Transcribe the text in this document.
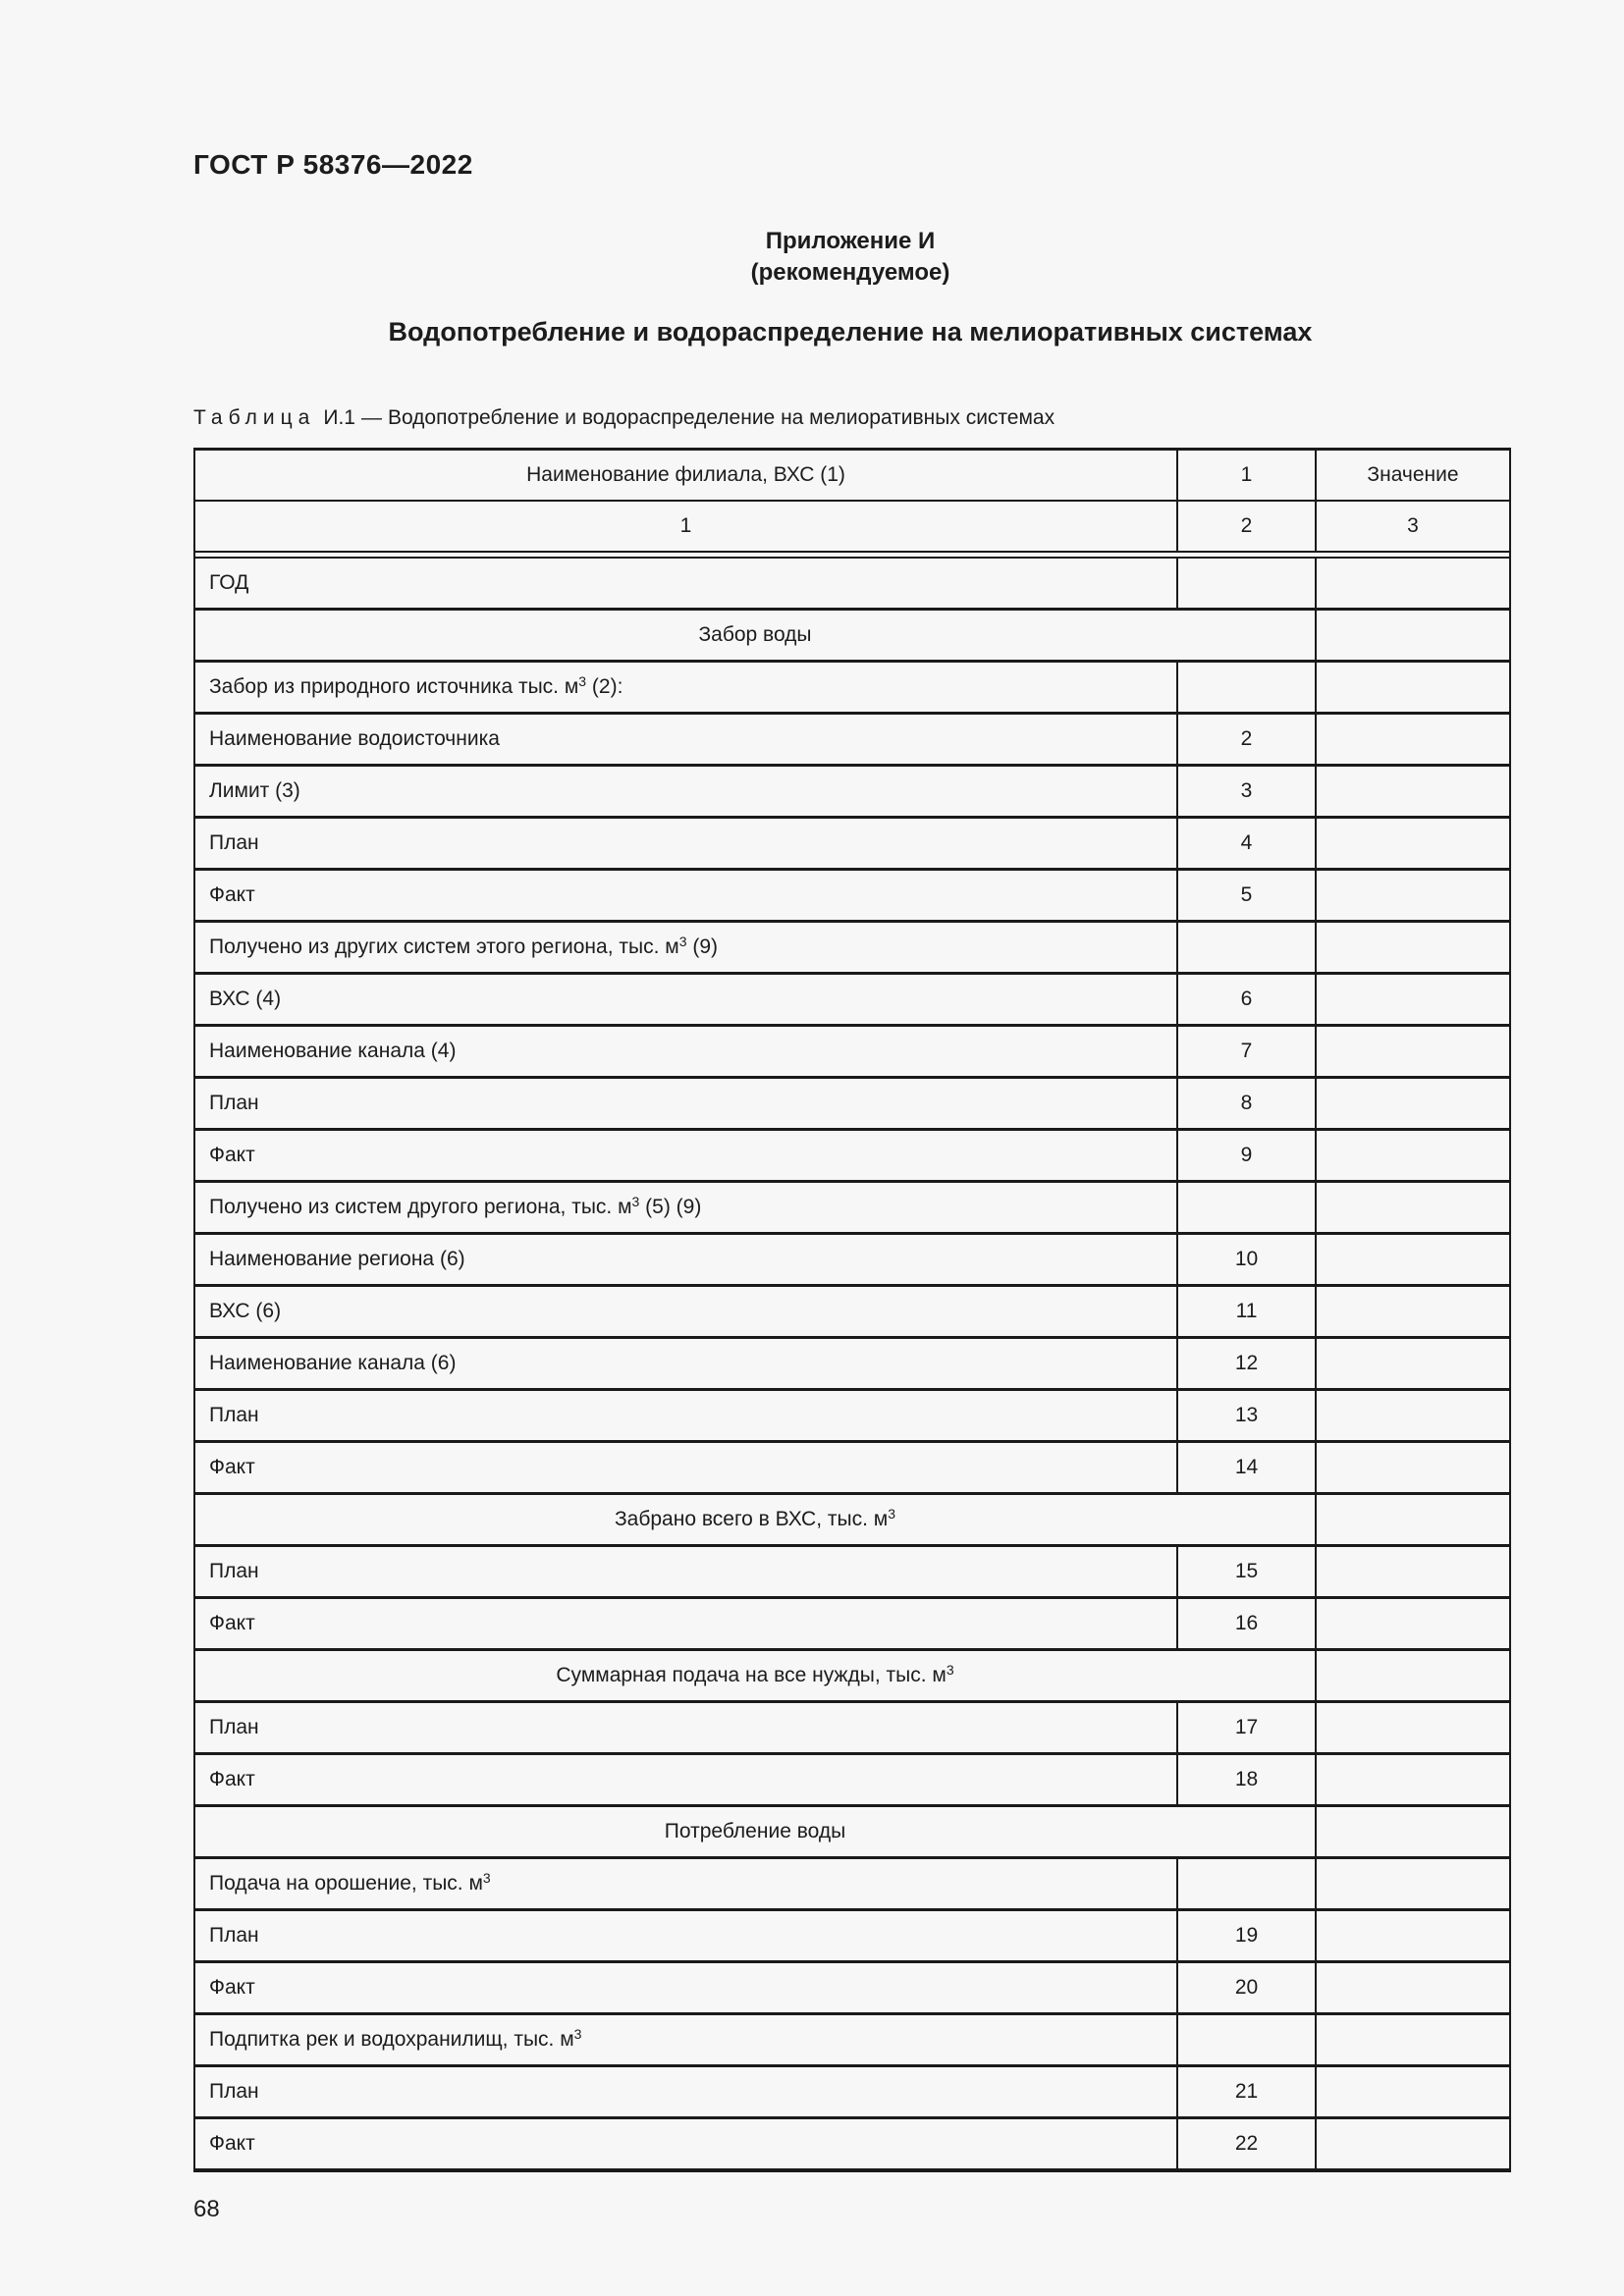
ГОСТ Р 58376—2022
Приложение И
(рекомендуемое)
Водопотребление и водораспределение на мелиоративных системах
Таблица И.1 — Водопотребление и водораспределение на мелиоративных системах
Наименование филиала, ВХС (1)	1	Значение
1	2	3

ГОД		
Забор воды		
Забор из природного источника тыс. $м^3$ (2):		
Наименование водоисточника	2	
Лимит (3)	3	
План	4	
Факт	5	
Получено из других систем этого региона, тыс. $м^3$ (9)		
ВХС (4)	6	
Наименование канала (4)	7	
План	8	
Факт	9	
Получено из систем другого региона, тыс. $м^3$ (5) (9)		
Наименование региона (6)	10	
ВХС (6)	11	
Наименование канала (6)	12	
План	13	
Факт	14	
Забрано всего в ВХС, тыс. $м^3$	
План	15	
Факт	16	
Суммарная подача на все нужды, тыс. $м^3$	
План	17	
Факт	18	
Потребление воды		
Подача на орошение, тыс. $м^3$		
План	19	
Факт	20	
Подпитка рек и водохранилищ, тыс. $м^3$		
План	21	
Факт	22	
68
